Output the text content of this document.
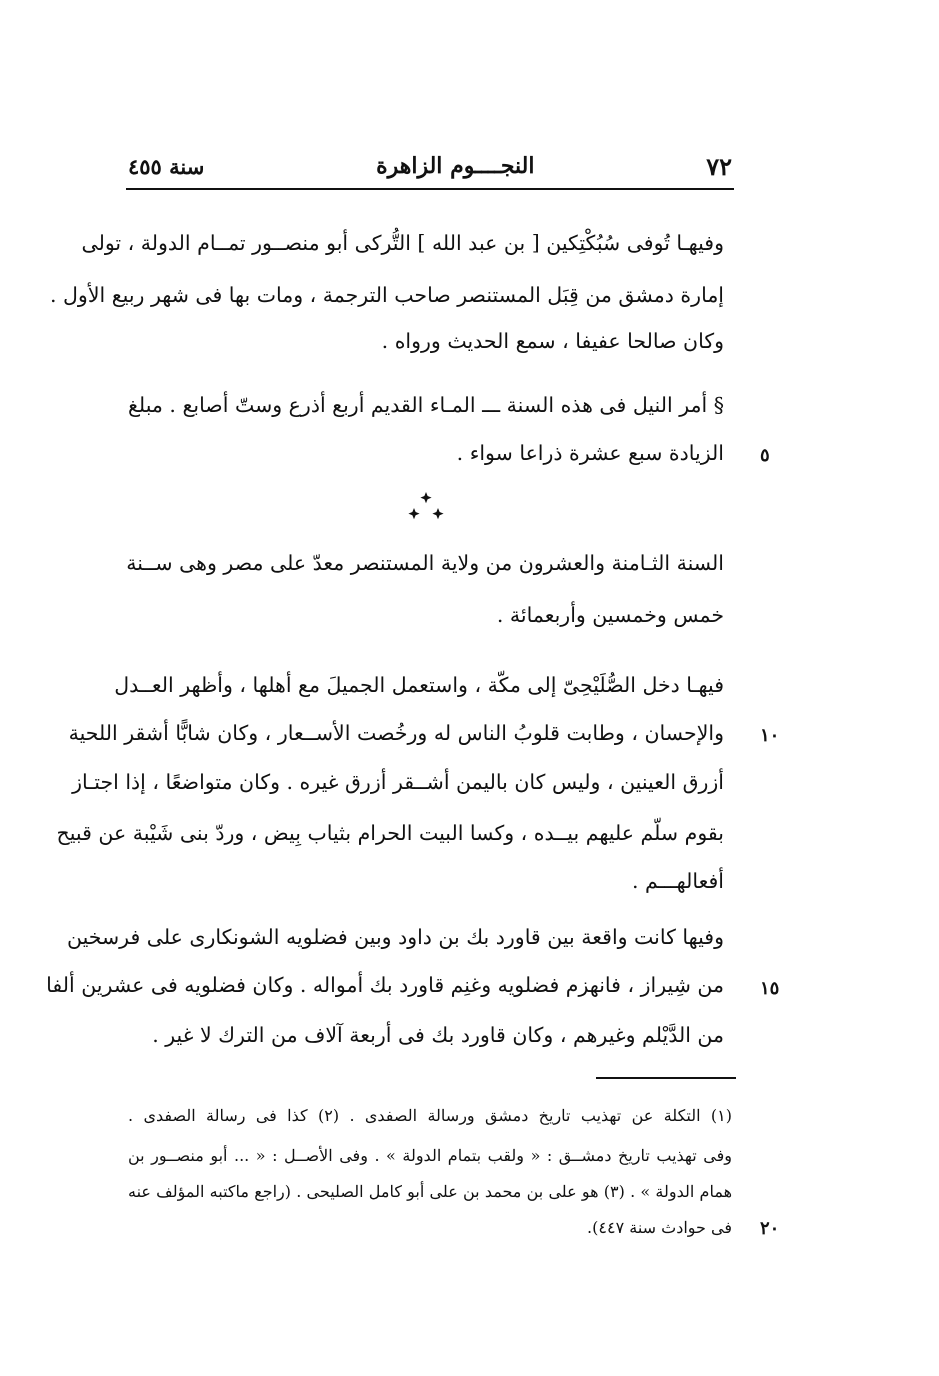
٧٢
النجــــوم الزاهرة
سنة ٤٥٥
وفيهـا تُوفى سُبُكْتِكين [ بن عبد الله ] التُّركى أبو منصــور تمــام الدولة ، تولى
إمارة دمشق من قِبَل المستنصر صاحب الترجمة ، ومات بها فى شهر ربيع الأول .
وكان صالحا عفيفا ، سمع الحديث ورواه .
§ أمر النيل فى هذه السنة ـــ المـاء القديم أربع أذرع وستّ أصابع . مبلغ
الزيادة سبع عشرة ذراعا سواء . ٥
السنة الثـامنة والعشرون من ولاية المستنصر معدّ على مصر وهى ســنة
خمس وخمسين وأربعمائة .
فيهـا دخل الصُّلَيْحِىّ إلى مكّة ، واستعمل الجميلَ مع أهلها ، وأظهر العــدل
والإحسان ، وطابت قلوبُ الناس له ورخُصت الأســعار ، وكان شابًّا أشقر اللحية ١٠
أزرق العينين ، وليس كان باليمن أشــقر أزرق غيره . وكان متواضعًا ، إذا اجتـاز
بقوم سلّم عليهم بيــده ، وكسا البيت الحرام بثياب بِيض ، وردّ بنى شَيْبة عن قبيح
أفعالهـــم .
وفيها كانت واقعة بين قاورد بك بن داود وبين فضلويه الشونكارى على فرسخين
من شِيراز ، فانهزم فضلويه وغنِم قاورد بك أمواله . وكان فضلويه فى عشرين ألفا ١٥
من الدَّيْلم وغيرهم ، وكان قاورد بك فى أربعة آلاف من الترك لا غير .
(١) التكلة عن تهذيب تاريخ دمشق ورسالة الصفدى . (٢) كذا فى رسالة الصفدى .
وفى تهذيب تاريخ دمشــق : « ولقب بتمام الدولة » . وفى الأصــل : « ... أبو منصــور بن
همام الدولة » . (٣) هو على بن محمد بن على أبو كامل الصليحى . (راجع ماكتبه المؤلف عنه
فى حوادث سنة ٤٤٧). ٢٠
